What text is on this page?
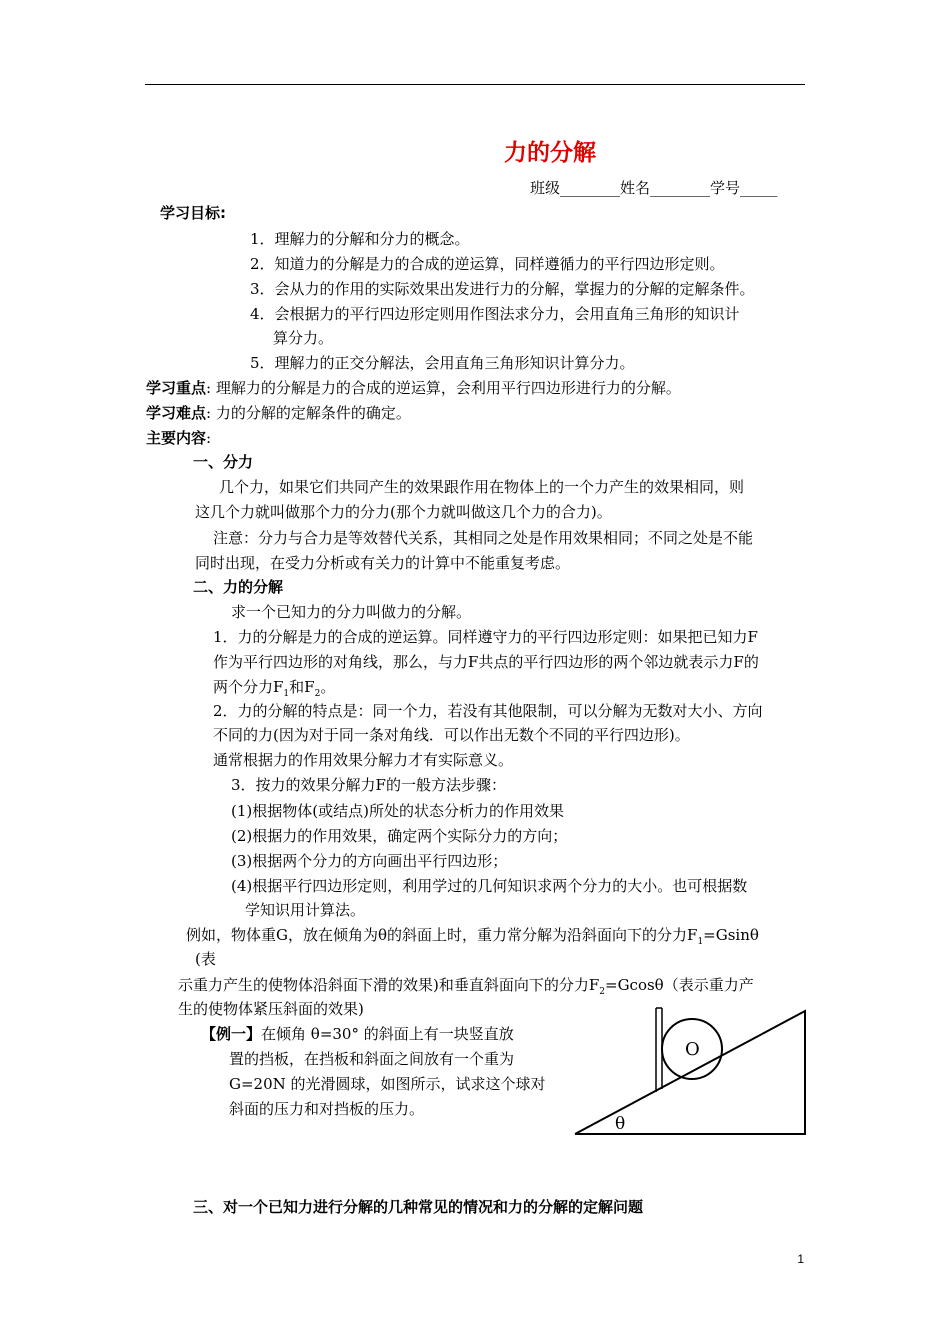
力的分解
班级________姓名________学号_____
学习目标:
1．理解力的分解和分力的概念。
2．知道力的分解是力的合成的逆运算，同样遵循力的平行四边形定则。
3．会从力的作用的实际效果出发进行力的分解，掌握力的分解的定解条件。
4．会根据力的平行四边形定则用作图法求分力，会用直角三角形的知识计
算分力。
5．理解力的正交分解法，会用直角三角形知识计算分力。
学习重点: 理解力的分解是力的合成的逆运算，会利用平行四边形进行力的分解。
学习难点: 力的分解的定解条件的确定。
主要内容:
一、分力
几个力，如果它们共同产生的效果跟作用在物体上的一个力产生的效果相同，则
这几个力就叫做那个力的分力(那个力就叫做这几个力的合力)。
注意：分力与合力是等效替代关系，其相同之处是作用效果相同；不同之处是不能
同时出现，在受力分析或有关力的计算中不能重复考虑。
二、力的分解
求一个已知力的分力叫做力的分解。
1．力的分解是力的合成的逆运算。同样遵守力的平行四边形定则：如果把已知力F
作为平行四边形的对角线，那么，与力F共点的平行四边形的两个邻边就表示力F的
两个分力$F_1$和$F_2$。
2．力的分解的特点是：同一个力，若没有其他限制，可以分解为无数对大小、方向
不同的力(因为对于同一条对角线．可以作出无数个不同的平行四边形)。
通常根据力的作用效果分解力才有实际意义。
3．按力的效果分解力F的一般方法步骤：
(1)根据物体(或结点)所处的状态分析力的作用效果
(2)根据力的作用效果，确定两个实际分力的方向；
(3)根据两个分力的方向画出平行四边形；
(4)根据平行四边形定则，利用学过的几何知识求两个分力的大小。也可根据数
学知识用计算法。
例如，物体重G，放在倾角为θ的斜面上时，重力常分解为沿斜面向下的分力$F_1=Gsin\theta$
(表
示重力产生的使物体沿斜面下滑的效果)和垂直斜面向下的分力$F_2=Gcos\theta$（表示重力产
生的使物体紧压斜面的效果)
【例一】在倾角 θ=30° 的斜面上有一块竖直放
置的挡板，在挡板和斜面之间放有一个重为
G=20N 的光滑圆球，如图所示，试求这个球对
斜面的压力和对挡板的压力。
O
θ
三、对一个已知力进行分解的几种常见的情况和力的分解的定解问题
1
